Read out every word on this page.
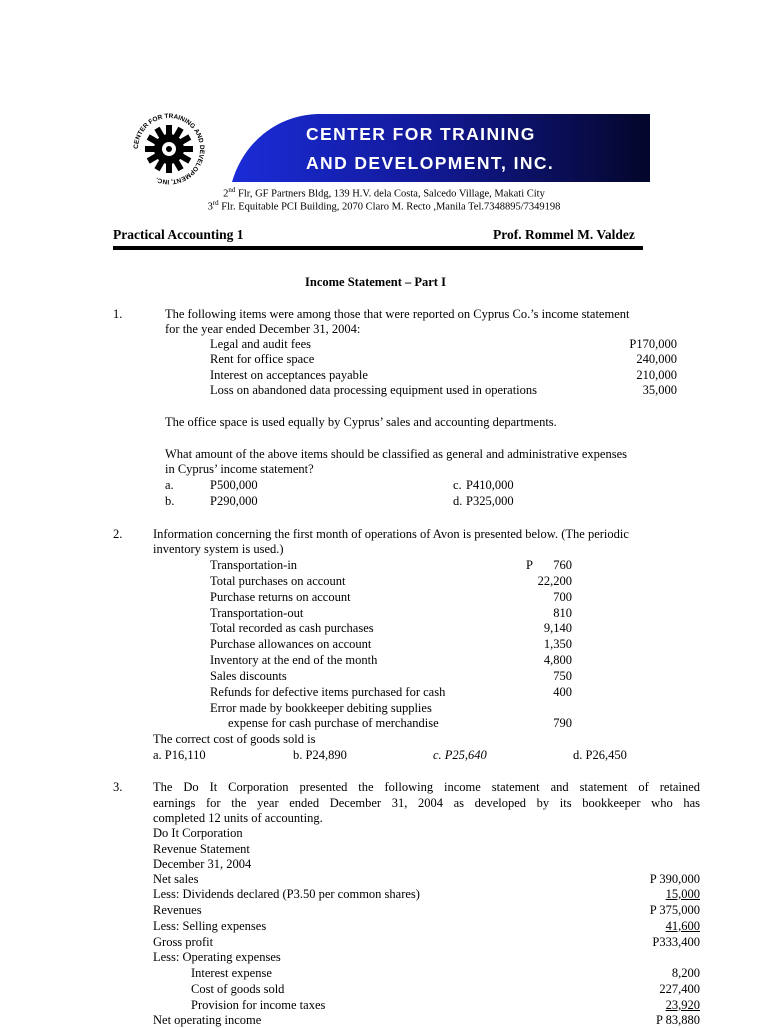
CENTER FOR TRAINING AND DEVELOPMENT, INC.
CENTER FOR TRAINING
AND DEVELOPMENT, INC.
2nd Flr, GF Partners Bldg, 139 H.V. dela Costa, Salcedo Village, Makati City
3rd Flr. Equitable PCI Building, 2070 Claro M. Recto ,Manila Tel.7348895/7349198
Practical Accounting 1	Prof. Rommel M. Valdez
Income Statement – Part I
1.	The following items were among those that were reported on Cyprus Co.’s income statement
for the year ended December 31, 2004:
Legal and audit fees	P170,000
Rent for office space	240,000
Interest on acceptances payable	210,000
Loss on abandoned data processing equipment used in operations	35,000
The office space is used equally by Cyprus’ sales and accounting departments.
What amount of the above items should be classified as general and administrative expenses
in Cyprus’ income statement?
a.	P500,000
b.	P290,000
c. P410,000
d. P325,000
2. Information concerning the first month of operations of Avon is presented below. (The periodic
inventory system is used.)
P
Transportation-in	760
Total purchases on account	22,200
Purchase returns on account	700
Transportation-out	810
Total recorded as cash purchases	9,140
Purchase allowances on account	1,350
Inventory at the end of the month	4,800
Sales discounts	750
Refunds for defective items purchased for cash	400
Error made by bookkeeper debiting supplies
expense for cash purchase of merchandise	790
The correct cost of goods sold is
a. P16,110	b. P24,890	c. P25,640	d. P26,450
3. The Do It Corporation presented the following income statement and statement of retained
earnings for the year ended December 31, 2004 as developed by its bookkeeper who has
completed 12 units of accounting.
Do It Corporation
Revenue Statement
December 31, 2004
Net sales	P 390,000
Less: Dividends declared (P3.50 per common shares)	15,000
Revenues	P 375,000
Less: Selling expenses	41,600
Gross profit	P333,400
Less: Operating expenses
Interest expense	8,200
Cost of goods sold	227,400
Provision for income taxes	23,920
Net operating income	P 83,880
